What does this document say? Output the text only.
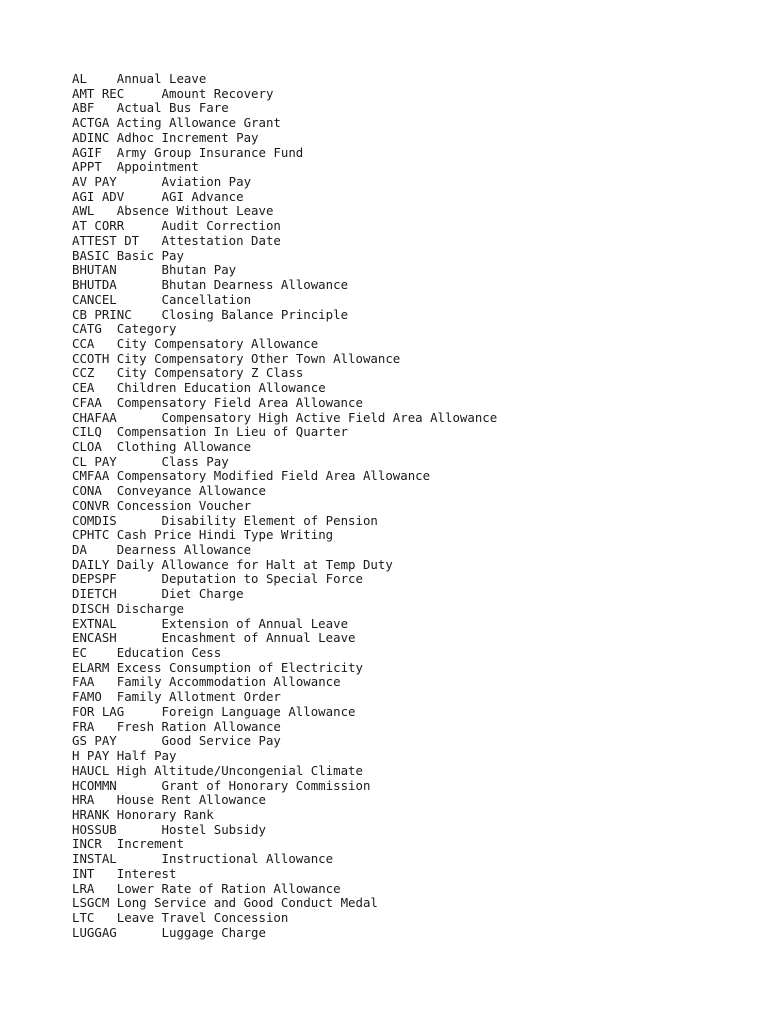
AL Annual Leave
AMT REC	Amount Recovery
ABF Actual Bus Fare
ACTGA Acting Allowance Grant
ADINC Adhoc Increment Pay
AGIF Army Group Insurance Fund
APPT Appointment
AV PAY	Aviation Pay
AGI ADV	AGI Advance
AWL Absence Without Leave
AT CORR	Audit Correction
ATTEST DT Attestation Date
BASIC Basic Pay
BHUTAN	Bhutan Pay
BHUTDA	Bhutan Dearness Allowance
CANCEL	Cancellation
CB PRINC Closing Balance Principle
CATG Category
CCA City Compensatory Allowance
CCOTH City Compensatory Other Town Allowance
CCZ City Compensatory Z Class
CEA Children Education Allowance
CFAA Compensatory Field Area Allowance
CHAFAA	Compensatory High Active Field Area Allowance
CILQ Compensation In Lieu of Quarter
CLOA Clothing Allowance
CL PAY	Class Pay
CMFAA Compensatory Modified Field Area Allowance
CONA Conveyance Allowance
CONVR Concession Voucher
COMDIS	Disability Element of Pension
CPHTC Cash Price Hindi Type Writing
DA Dearness Allowance
DAILY Daily Allowance for Halt at Temp Duty
DEPSPF	Deputation to Special Force
DIETCH	Diet Charge
DISCH Discharge
EXTNAL	Extension of Annual Leave
ENCASH	Encashment of Annual Leave
EC Education Cess
ELARM Excess Consumption of Electricity
FAA Family Accommodation Allowance
FAMO Family Allotment Order
FOR LAG	Foreign Language Allowance
FRA Fresh Ration Allowance
GS PAY	Good Service Pay
H PAY Half Pay
HAUCL High Altitude/Uncongenial Climate
HCOMMN	Grant of Honorary Commission
HRA House Rent Allowance
HRANK Honorary Rank
HOSSUB	Hostel Subsidy
INCR Increment
INSTAL	Instructional Allowance
INT Interest
LRA Lower Rate of Ration Allowance
LSGCM Long Service and Good Conduct Medal
LTC Leave Travel Concession
LUGGAG	Luggage Charge
